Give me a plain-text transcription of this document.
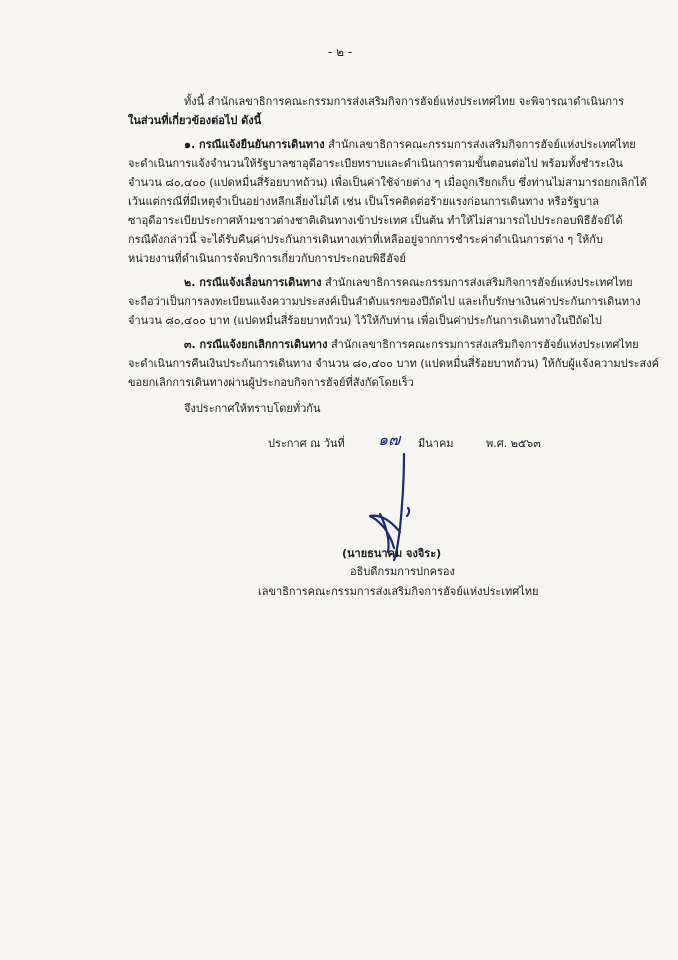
- ๒ -
ทั้งนี้ สำนักเลขาธิการคณะกรรมการส่งเสริมกิจการฮัจย์แห่งประเทศไทย จะพิจารณาดำเนินการ
ในส่วนที่เกี่ยวข้องต่อไป ดังนี้
๑. กรณีแจ้งยืนยันการเดินทาง สำนักเลขาธิการคณะกรรมการส่งเสริมกิจการฮัจย์แห่งประเทศไทย
จะดำเนินการแจ้งจำนวนให้รัฐบาลซาอุดีอาระเบียทราบและดำเนินการตามขั้นตอนต่อไป พร้อมทั้งชำระเงิน
จำนวน ๘๐,๔๐๐ (แปดหมื่นสี่ร้อยบาทถ้วน) เพื่อเป็นค่าใช้จ่ายต่าง ๆ เมื่อถูกเรียกเก็บ ซึ่งท่านไม่สามารถยกเลิกได้
เว้นแต่กรณีที่มีเหตุจำเป็นอย่างหลีกเลี่ยงไม่ได้ เช่น เป็นโรคติดต่อร้ายแรงก่อนการเดินทาง หรือรัฐบาล
ซาอุดีอาระเบียประกาศห้ามชาวต่างชาติเดินทางเข้าประเทศ เป็นต้น ทำให้ไม่สามารถไปประกอบพิธีฮัจย์ได้
กรณีดังกล่าวนี้ จะได้รับคืนค่าประกันการเดินทางเท่าที่เหลืออยู่จากการชำระค่าดำเนินการต่าง ๆ ให้กับ
หน่วยงานที่ดำเนินการจัดบริการเกี่ยวกับการประกอบพิธีฮัจย์
๒. กรณีแจ้งเลื่อนการเดินทาง สำนักเลขาธิการคณะกรรมการส่งเสริมกิจการฮัจย์แห่งประเทศไทย
จะถือว่าเป็นการลงทะเบียนแจ้งความประสงค์เป็นลำดับแรกของปีถัดไป และเก็บรักษาเงินค่าประกันการเดินทาง
จำนวน ๘๐,๔๐๐ บาท (แปดหมื่นสี่ร้อยบาทถ้วน) ไว้ให้กับท่าน เพื่อเป็นค่าประกันการเดินทางในปีถัดไป
๓. กรณีแจ้งยกเลิกการเดินทาง สำนักเลขาธิการคณะกรรมการส่งเสริมกิจการฮัจย์แห่งประเทศไทย
จะดำเนินการคืนเงินประกันการเดินทาง จำนวน ๘๐,๔๐๐ บาท (แปดหมื่นสี่ร้อยบาทถ้วน) ให้กับผู้แจ้งความประสงค์
ขอยกเลิกการเดินทางผ่านผู้ประกอบกิจการฮัจย์ที่สังกัดโดยเร็ว
จึงประกาศให้ทราบโดยทั่วกัน
ประกาศ ณ วันที่ ๑๗ มีนาคม	พ.ศ. ๒๕๖๓
(นายธนาคม จงจิระ)
อธิบดีกรมการปกครอง
เลขาธิการคณะกรรมการส่งเสริมกิจการฮัจย์แห่งประเทศไทย
